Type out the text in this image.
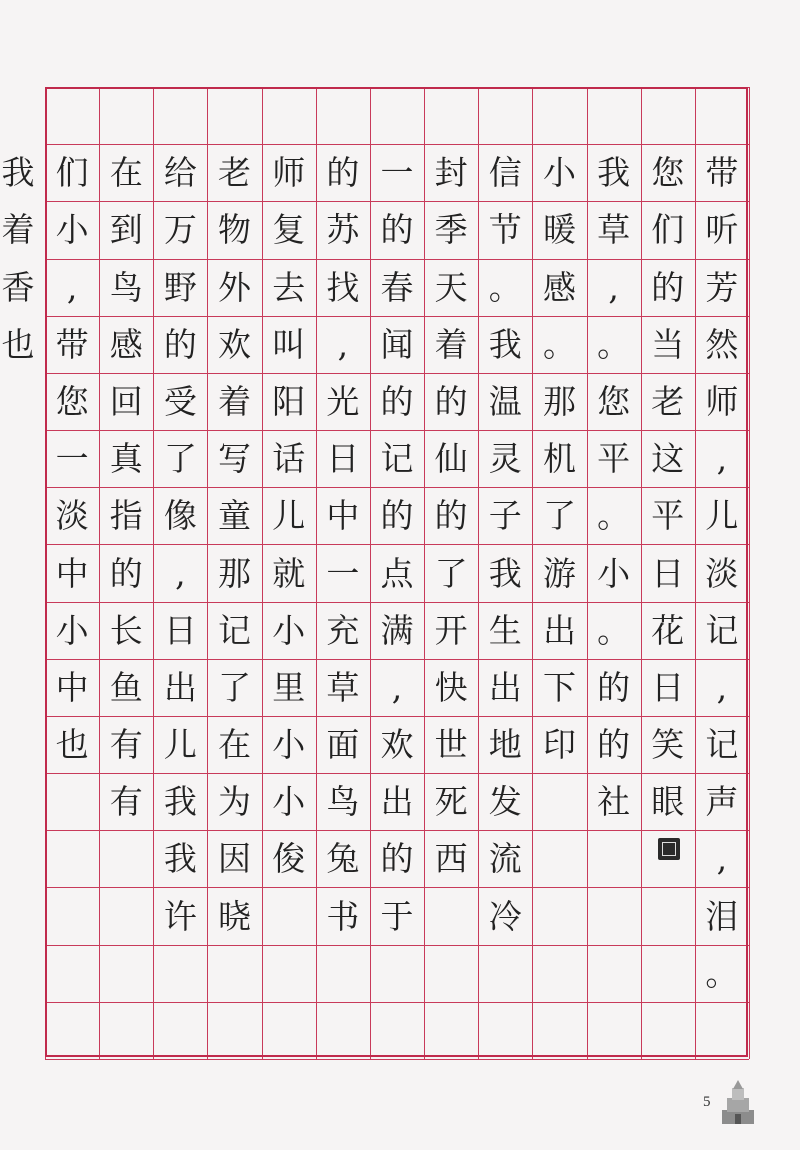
带
听
芳
然
师
,
儿
淡
记
,
记
声
,
泪
。
您
们
的
当
老
这
平
日
花
日
笑
眼
我
草
,
。
您
平
。
小
。
的
的
社
小
暖
感
。
那
机
了
游
出
下
印
信
节
。
我
温
灵
子
我
生
出
地
发
流
冷
封
季
天
着
的
仙
的
了
开
快
世
死
西
一
的
春
闻
的
记
的
点
满
,
欢
出
的
于
的
苏
找
,
光
日
中
一
充
草
面
鸟
兔
书
师
复
去
叫
阳
话
儿
就
小
里
小
小
俊
老
物
外
欢
着
写
童
那
记
了
在
为
因
晓
给
万
野
的
受
了
像
,
日
出
儿
我
我
许
在
到
鸟
感
回
真
指
的
长
鱼
有
有
们
小
,
带
您
一
淡
中
小
中
也
我
着
香
也
5
